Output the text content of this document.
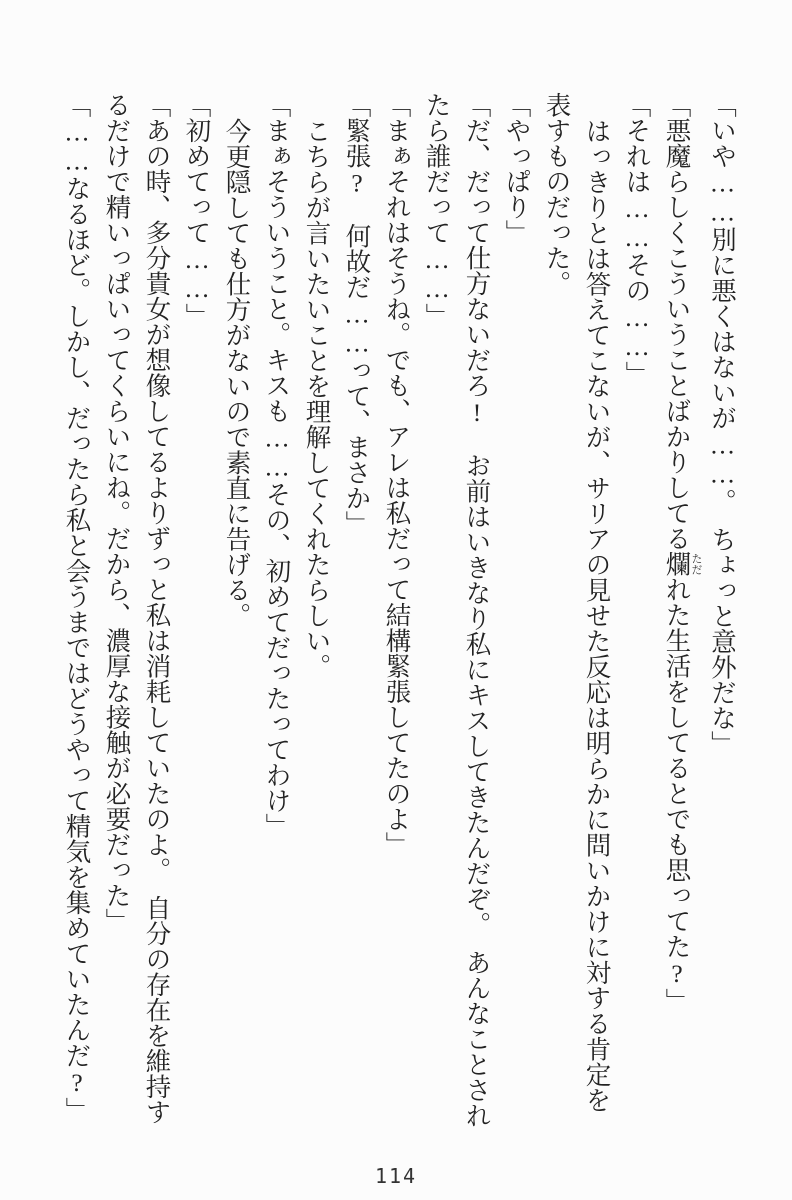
「いや……別に悪くはないが……。　ちょっと意外だな」
「悪魔らしくこういうことばかりしてる爛ただれた生活をしてるとでも思ってた?」
「それは……その……」
はっきりとは答えてこないが、サリアの見せた反応は明らかに問いかけに対する肯定を
表すものだった。
「やっぱり」
「だ、だって仕方ないだろ!　お前はいきなり私にキスしてきたんだぞ。　あんなことされ
たら誰だって……」
「まぁそれはそうね。でも、アレは私だって結構緊張してたのよ」
「緊張?　何故だ……って、まさか」
こちらが言いたいことを理解してくれたらしい。
「まぁそういうこと。キスも……その、初めてだったってわけ」
今更隠しても仕方がないので素直に告げる。
「初めてって……」
「あの時、多分貴女が想像してるよりずっと私は消耗していたのよ。　自分の存在を維持す
るだけで精いっぱいってくらいにね。だから、濃厚な接触が必要だった」
「……なるほど。しかし、だったら私と会うまではどうやって精気を集めていたんだ?」
114
